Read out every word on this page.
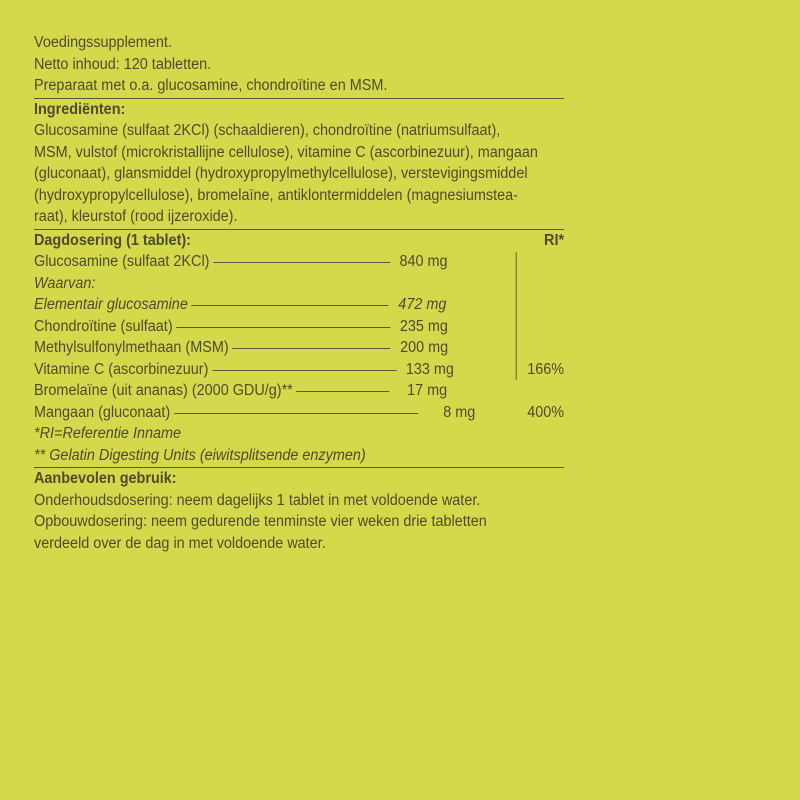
Voedingssupplement.
Netto inhoud: 120 tabletten.
Preparaat met o.a. glucosamine, chondroïtine en MSM.
Ingrediënten:
Glucosamine (sulfaat 2KCl) (schaaldieren), chondroïtine (natriumsulfaat),
MSM, vulstof (microkristallijne cellulose), vitamine C (ascorbinezuur), mangaan
(gluconaat), glansmiddel (hydroxypropylmethylcellulose), verstevigingsmiddel
(hydroxypropylcellulose), bromelaïne, antiklontermiddelen (magnesiumstea-
raat), kleurstof (rood ijzeroxide).
Dagdosering (1 tablet):	RI*
Glucosamine (sulfaat 2KCl)	840 mg
Waarvan:
Elementair glucosamine	472 mg
Chondroïtine (sulfaat)	235 mg
Methylsulfonylmethaan (MSM)	200 mg
Vitamine C (ascorbinezuur)	133 mg	166%
Bromelaïne (uit ananas) (2000 GDU/g)**	17 mg
Mangaan (gluconaat)	8 mg	400%
*RI=Referentie Inname
** Gelatin Digesting Units (eiwitsplitsende enzymen)
Aanbevolen gebruik:
Onderhoudsdosering: neem dagelijks 1 tablet in met voldoende water.
Opbouwdosering: neem gedurende tenminste vier weken drie tabletten
verdeeld over de dag in met voldoende water.
